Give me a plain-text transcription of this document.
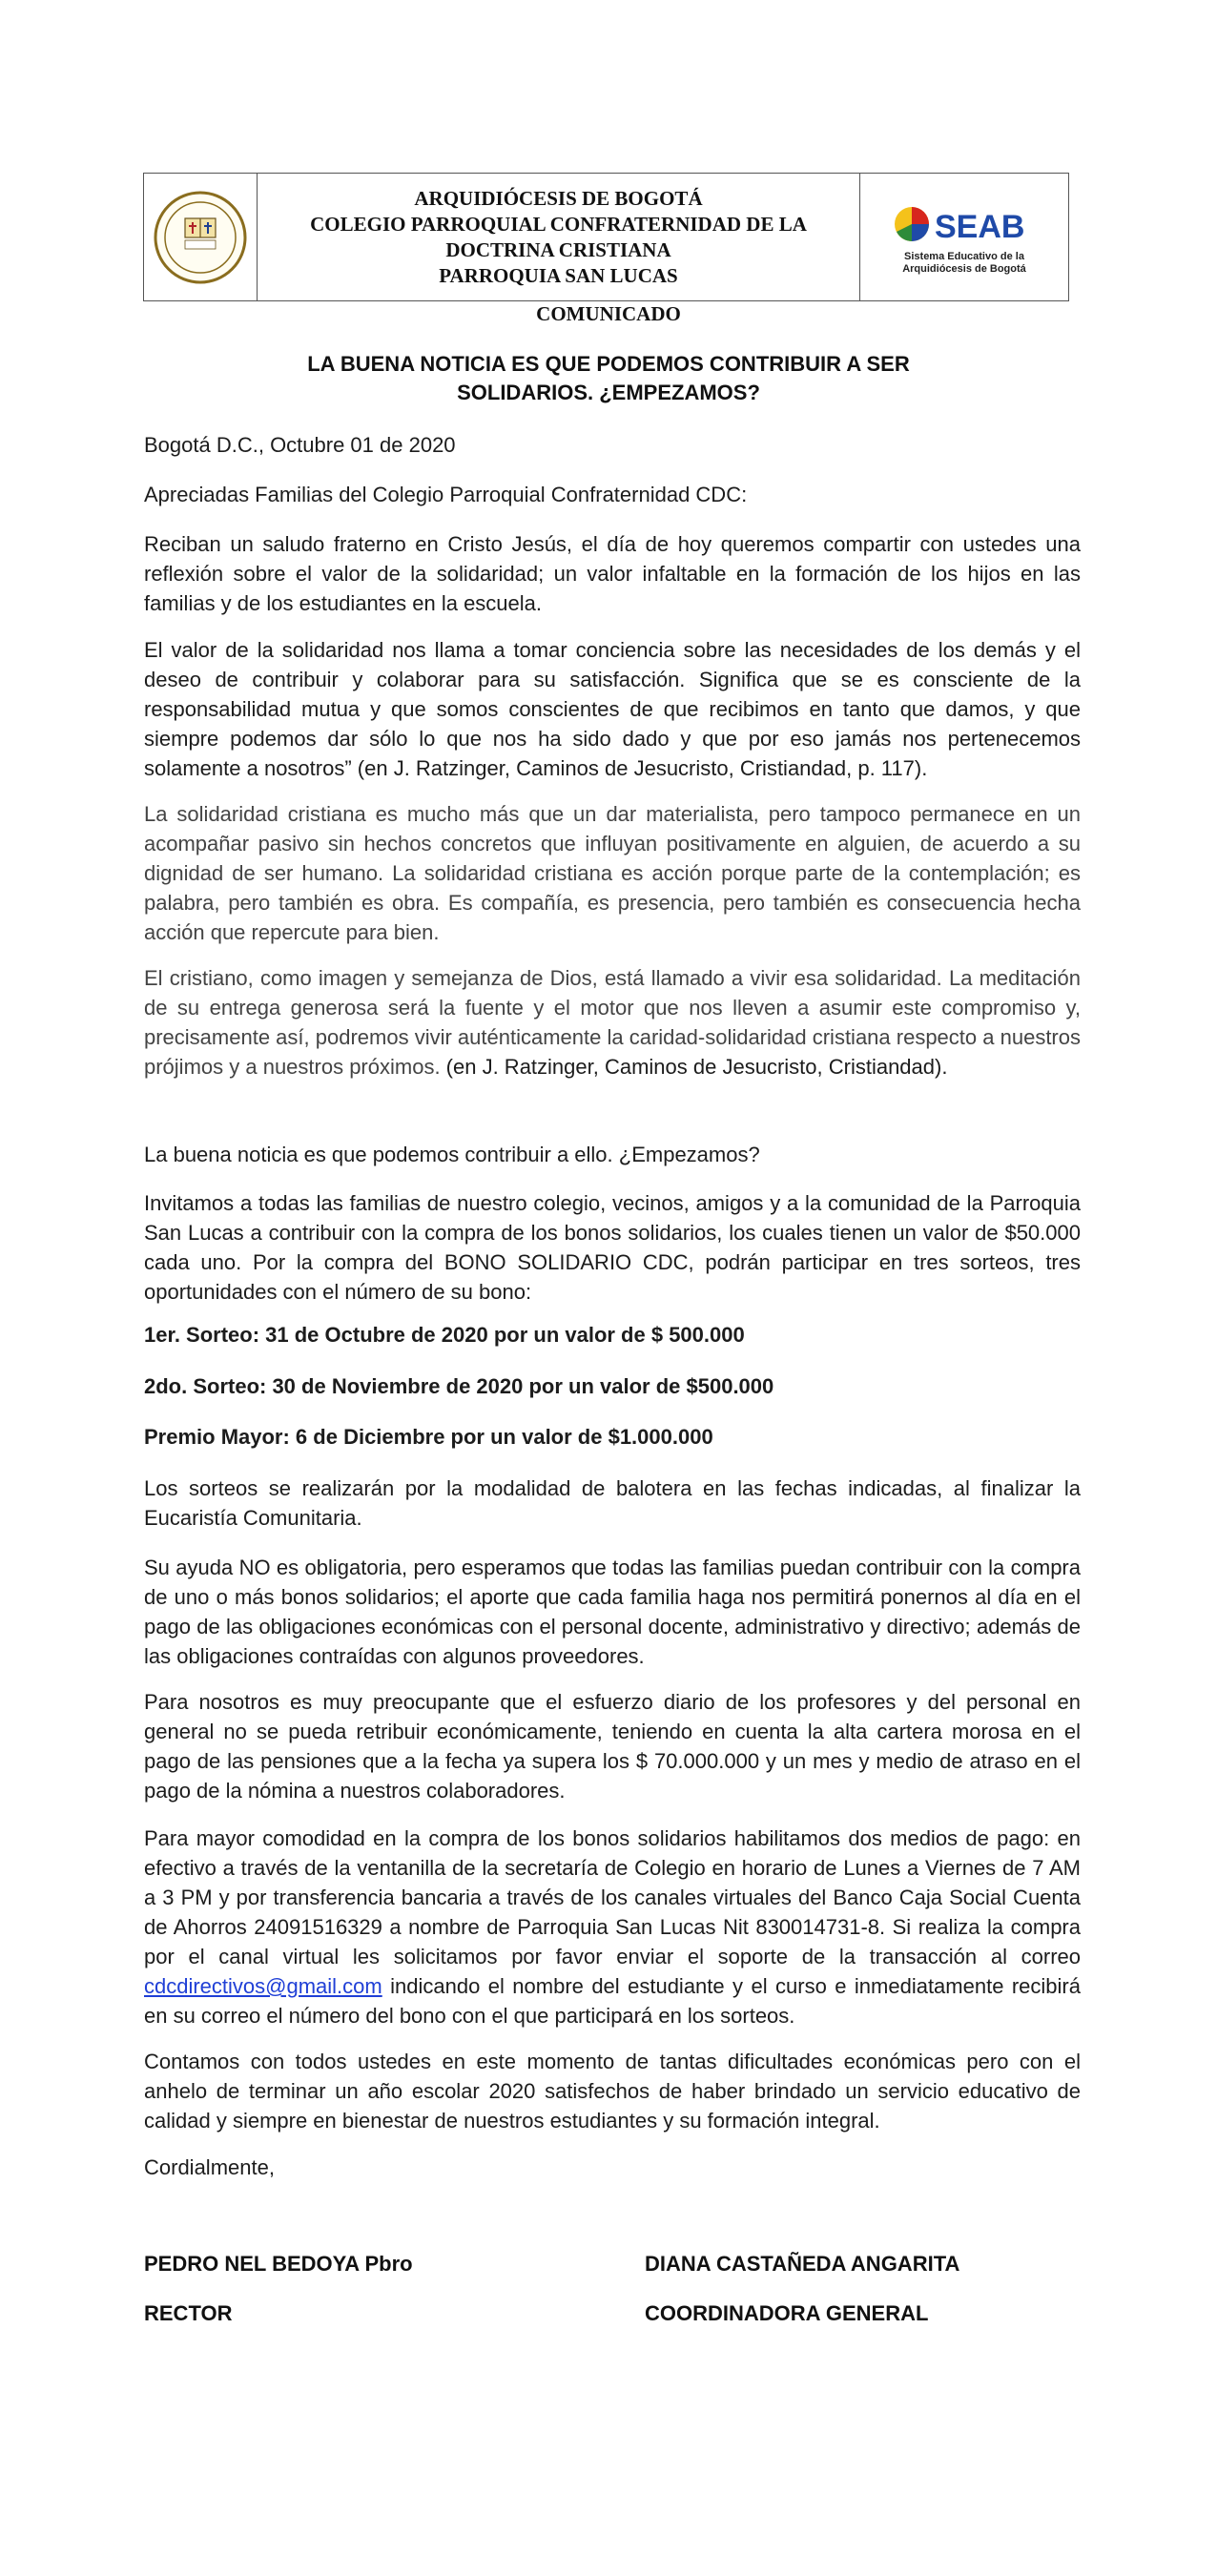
ARQUIDIÓCESIS DE BOGOTÁ
COLEGIO PARROQUIAL CONFRATERNIDAD DE LA
DOCTRINA CRISTIANA
PARROQUIA SAN LUCAS
SEAB
Sistema Educativo de la
Arquidiócesis de Bogotá
COMUNICADO
LA BUENA NOTICIA ES QUE PODEMOS CONTRIBUIR A SER
SOLIDARIOS. ¿EMPEZAMOS?

Bogotá D.C., Octubre 01 de 2020

Apreciadas Familias del Colegio Parroquial Confraternidad CDC:

Reciban un saludo fraterno en Cristo Jesús, el día de hoy queremos compartir con ustedes una reflexión sobre el valor de la solidaridad; un valor infaltable en la formación de los hijos en las familias y de los estudiantes en la escuela.

El valor de la solidaridad nos llama a tomar conciencia sobre las necesidades de los demás y el deseo de contribuir y colaborar para su satisfacción. Significa que se es consciente de la responsabilidad mutua y que somos conscientes de que recibimos en tanto que damos, y que siempre podemos dar sólo lo que nos ha sido dado y que por eso jamás nos pertenecemos solamente a nosotros” (en J. Ratzinger, Caminos de Jesucristo, Cristiandad, p. 117).

La solidaridad cristiana es mucho más que un dar materialista, pero tampoco permanece en un acompañar pasivo sin hechos concretos que influyan positivamente en alguien, de acuerdo a su dignidad de ser humano. La solidaridad cristiana es acción porque parte de la contemplación; es palabra, pero también es obra. Es compañía, es presencia, pero también es consecuencia hecha acción que repercute para bien.

El cristiano, como imagen y semejanza de Dios, está llamado a vivir esa solidaridad. La meditación de su entrega generosa será la fuente y el motor que nos lleven a asumir este compromiso y, precisamente así, podremos vivir auténticamente la caridad-solidaridad cristiana respecto a nuestros prójimos y a nuestros próximos. (en J. Ratzinger, Caminos de Jesucristo, Cristiandad).

La buena noticia es que podemos contribuir a ello. ¿Empezamos?

Invitamos a todas las familias de nuestro colegio, vecinos, amigos y a la comunidad de la Parroquia San Lucas a contribuir con la compra de los bonos solidarios, los cuales tienen un valor de $50.000 cada uno. Por la compra del BONO SOLIDARIO CDC, podrán participar en tres sorteos, tres oportunidades con el número de su bono:

1er. Sorteo: 31 de Octubre de 2020 por un valor de $ 500.000

2do. Sorteo: 30 de Noviembre de 2020 por un valor de $500.000

Premio Mayor: 6 de Diciembre por un valor de $1.000.000

Los sorteos se realizarán por la modalidad de balotera en las fechas indicadas, al finalizar la Eucaristía Comunitaria.

Su ayuda NO es obligatoria, pero esperamos que todas las familias puedan contribuir con la compra de uno o más bonos solidarios; el aporte que cada familia haga nos permitirá ponernos al día en el pago de las obligaciones económicas con el personal docente, administrativo y directivo; además de las obligaciones contraídas con algunos proveedores.

Para nosotros es muy preocupante que el esfuerzo diario de los profesores y del personal en general no se pueda retribuir económicamente, teniendo en cuenta la alta cartera morosa en el pago de las pensiones que a la fecha ya supera los $ 70.000.000 y un mes y medio de atraso en el pago de la nómina a nuestros colaboradores.

Para mayor comodidad en la compra de los bonos solidarios habilitamos dos medios de pago: en efectivo a través de la ventanilla de la secretaría de Colegio en horario de Lunes a Viernes de 7 AM a 3 PM y por transferencia bancaria a través de los canales virtuales del Banco Caja Social Cuenta de Ahorros 24091516329 a nombre de Parroquia San Lucas Nit 830014731-8. Si realiza la compra por el canal virtual les solicitamos por favor enviar el soporte de la transacción al correo cdcdirectivos@gmail.com indicando el nombre del estudiante y el curso e inmediatamente recibirá en su correo el número del bono con el que participará en los sorteos.

Contamos con todos ustedes en este momento de tantas dificultades económicas pero con el anhelo de terminar un año escolar 2020 satisfechos de haber brindado un servicio educativo de calidad y siempre en bienestar de nuestros estudiantes y su formación integral.

Cordialmente,

PEDRO NEL BEDOYA Pbro
RECTOR
DIANA CASTAÑEDA ANGARITA
COORDINADORA GENERAL
